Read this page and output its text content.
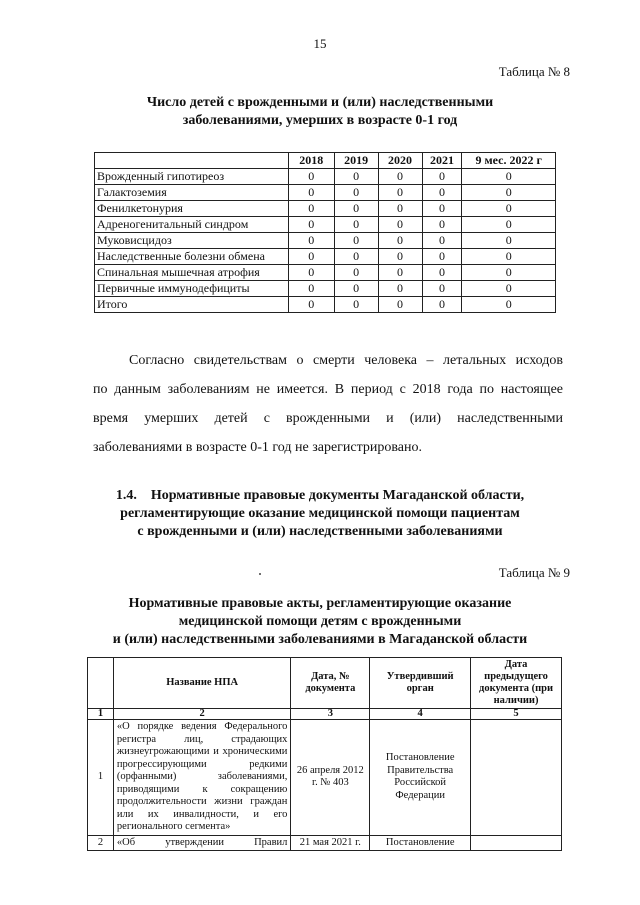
15
Таблица № 8
Число детей с врожденными и (или) наследственными
заболеваниями, умерших в возрасте 0-1 год
	2018	2019	2020	2021	9 мес. 2022 г
Врожденный гипотиреоз	0	0	0	0	0
Галактоземия	0	0	0	0	0
Фенилкетонурия	0	0	0	0	0
Адреногенитальный синдром	0	0	0	0	0
Муковисцидоз	0	0	0	0	0
Наследственные болезни обмена	0	0	0	0	0
Спинальная мышечная атрофия	0	0	0	0	0
Первичные иммунодефициты	0	0	0	0	0
Итого	0	0	0	0	0

Согласно свидетельствам о смерти человека – летальных исходов

по данным заболеваниям не имеется. В период с 2018 года по настоящее

время умерших детей с врожденными и (или) наследственными

заболеваниями в возрасте 0-1 год не зарегистрировано.

1.4.    Нормативные правовые документы Магаданской области,
регламентирующие оказание медицинской помощи пациентам
с врожденными и (или) наследственными заболеваниями
Таблица № 9
Нормативные правовые акты, регламентирующие оказание
медицинской помощи детям с врожденными
и (или) наследственными заболеваниями в Магаданской области
	Название НПА	Дата, № документа	Утвердивший орган	Дата предыдущего документа (при наличии)
1	2	3	4	5
1	«О порядке ведения Федерального регистра лиц, страдающих жизнеугрожающими и хроническими прогрессирующими редкими (орфанными) заболеваниями, приводящими к сокращению продолжительности жизни граждан или их инвалидности, и его регионального сегмента»	26 апреля 2012 г. № 403	Постановление Правительства Российской Федерации	
2	«Об утверждении Правил	21 мая 2021 г.	Постановление	
